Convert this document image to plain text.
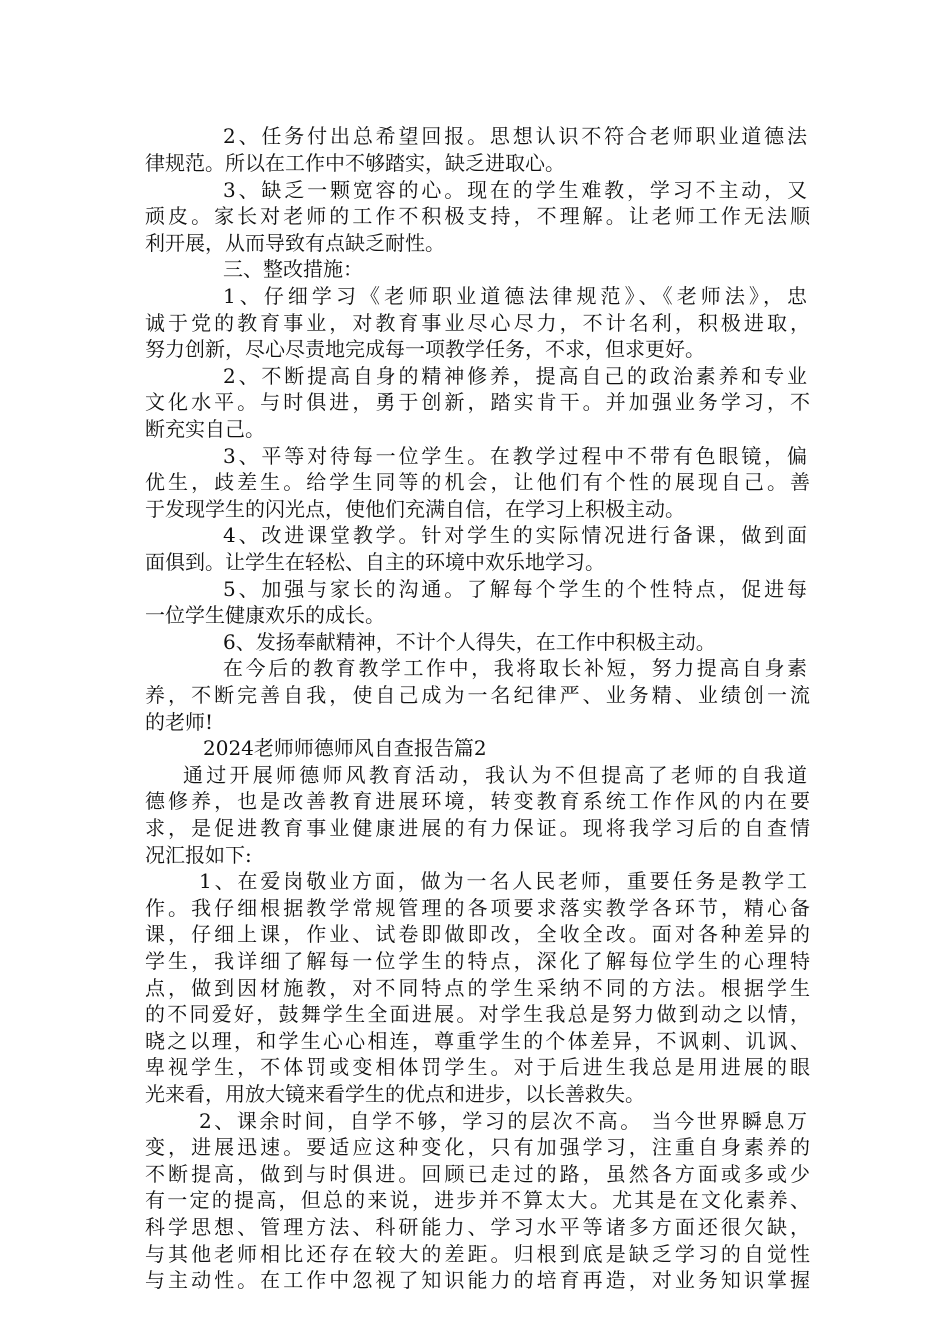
2、任务付出总希望回报。思想认识不符合老师职业道德法

律规范。所以在工作中不够踏实，缺乏进取心。

3、缺乏一颗宽容的心。现在的学生难教，学习不主动，又

顽皮。家长对老师的工作不积极支持，不理解。让老师工作无法顺

利开展，从而导致有点缺乏耐性。

三、整改措施：

1、仔细学习《老师职业道德法律规范》、《老师法》，忠

诚于党的教育事业，对教育事业尽心尽力，不计名利，积极进取，

努力创新，尽心尽责地完成每一项教学任务，不求，但求更好。

2、不断提高自身的精神修养，提高自己的政治素养和专业

文化水平。与时俱进，勇于创新，踏实肯干。并加强业务学习，不

断充实自己。

3、平等对待每一位学生。在教学过程中不带有色眼镜，偏

优生，歧差生。给学生同等的机会，让他们有个性的展现自己。善

于发现学生的闪光点，使他们充满自信，在学习上积极主动。

4、改进课堂教学。针对学生的实际情况进行备课，做到面

面俱到。让学生在轻松、自主的环境中欢乐地学习。

5、加强与家长的沟通。了解每个学生的个性特点，促进每

一位学生健康欢乐的成长。

6、发扬奉献精神，不计个人得失，在工作中积极主动。

在今后的教育教学工作中，我将取长补短，努力提高自身素

养，不断完善自我，使自己成为一名纪律严、业务精、业绩创一流

的老师!

2024老师师德师风自查报告篇2

通过开展师德师风教育活动，我认为不但提高了老师的自我道

德修养，也是改善教育进展环境，转变教育系统工作作风的内在要

求，是促进教育事业健康进展的有力保证。现将我学习后的自查情

况汇报如下:

1、在爱岗敬业方面，做为一名人民老师，重要任务是教学工

作。我仔细根据教学常规管理的各项要求落实教学各环节，精心备

课，仔细上课，作业、试卷即做即改，全收全改。面对各种差异的

学生，我详细了解每一位学生的特点，深化了解每位学生的心理特

点，做到因材施教，对不同特点的学生采纳不同的方法。根据学生

的不同爱好，鼓舞学生全面进展。对学生我总是努力做到动之以情，

晓之以理，和学生心心相连，尊重学生的个体差异，不讽刺、讥讽、

卑视学生，不体罚或变相体罚学生。对于后进生我总是用进展的眼

光来看，用放大镜来看学生的优点和进步，以长善救失。

2、课余时间，自学不够，学习的层次不高。 当今世界瞬息万

变，进展迅速。要适应这种变化，只有加强学习，注重自身素养的

不断提高，做到与时俱进。回顾已走过的路，虽然各方面或多或少

有一定的提高，但总的来说，进步并不算太大。尤其是在文化素养、

科学思想、管理方法、科研能力、学习水平等诸多方面还很欠缺，

与其他老师相比还存在较大的差距。归根到底是缺乏学习的自觉性

与主动性。在工作中忽视了知识能力的培育再造，对业务知识掌握
